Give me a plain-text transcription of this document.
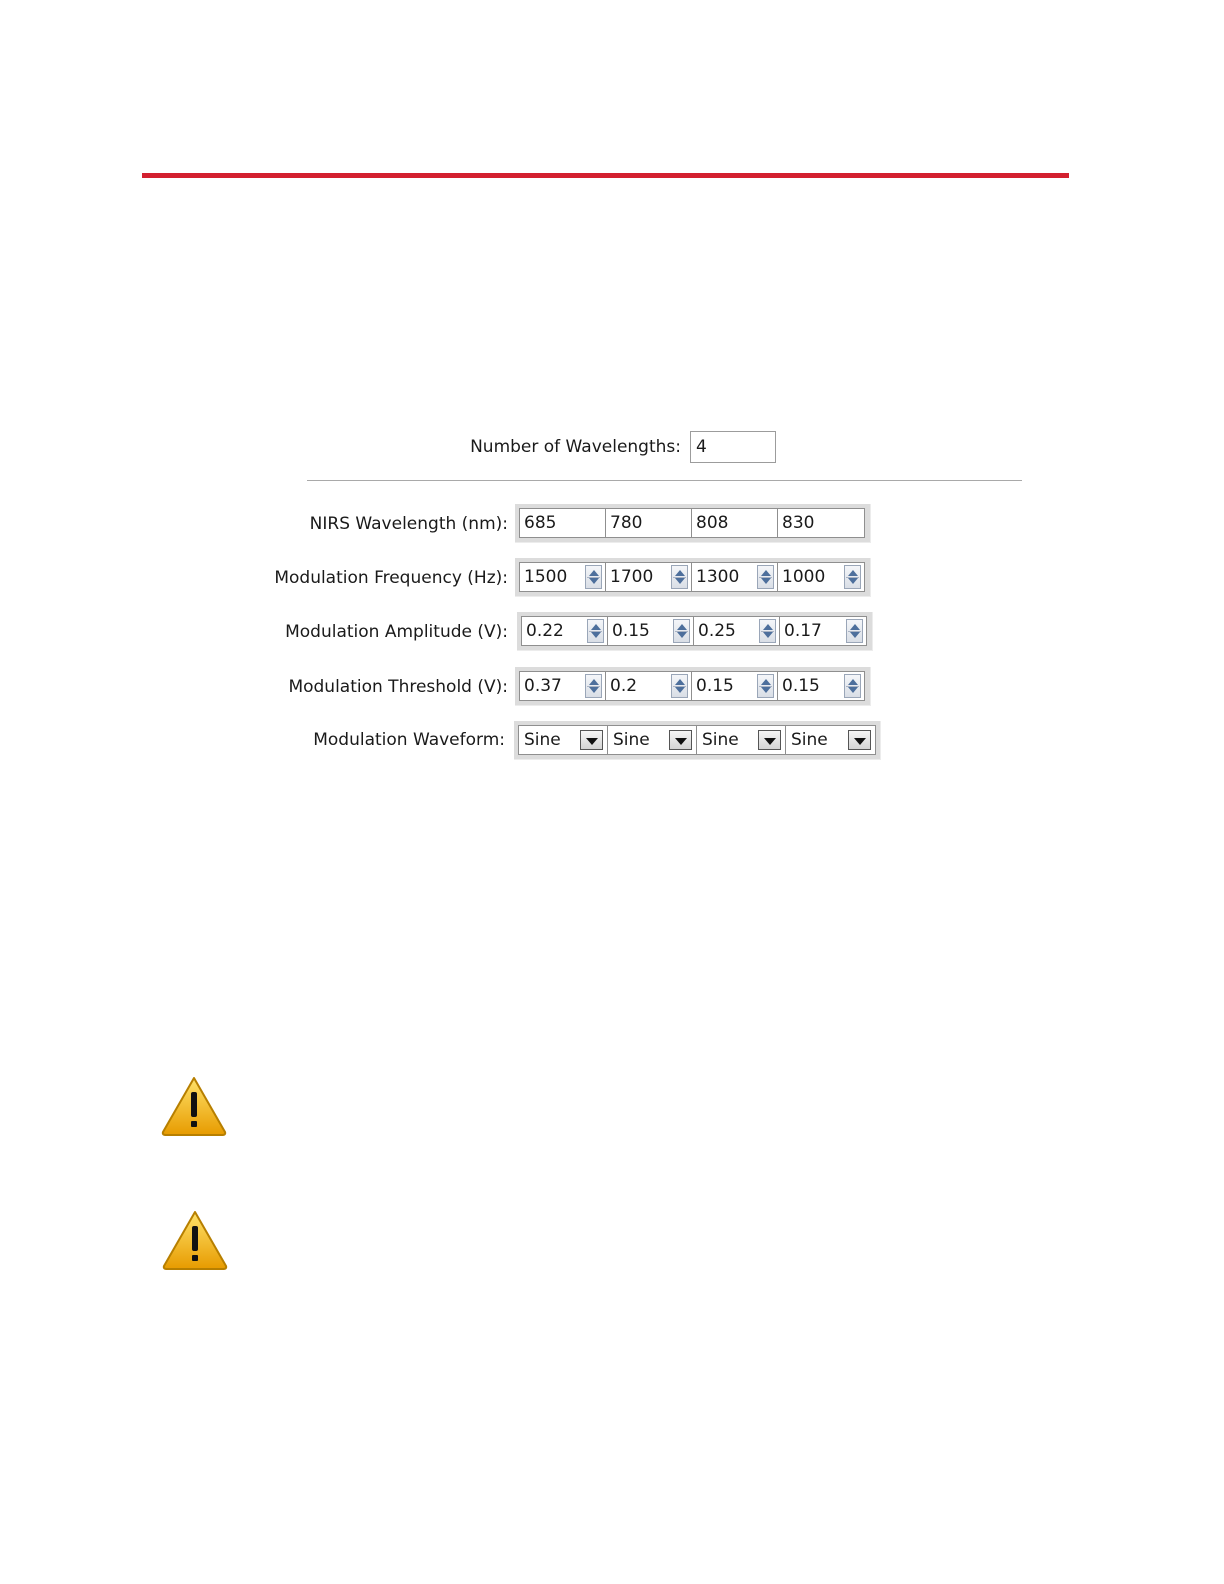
Number of Wavelengths: 4
NIRS Wavelength (nm): 685	780	808	830
Modulation Frequency (Hz): 1500	1700	1300	1000
Modulation Amplitude (V): 0.22	0.15	0.25	0.17
Modulation Threshold (V): 0.37	0.2	0.15	0.15
Modulation Waveform: Sine	Sine	Sine	Sine
